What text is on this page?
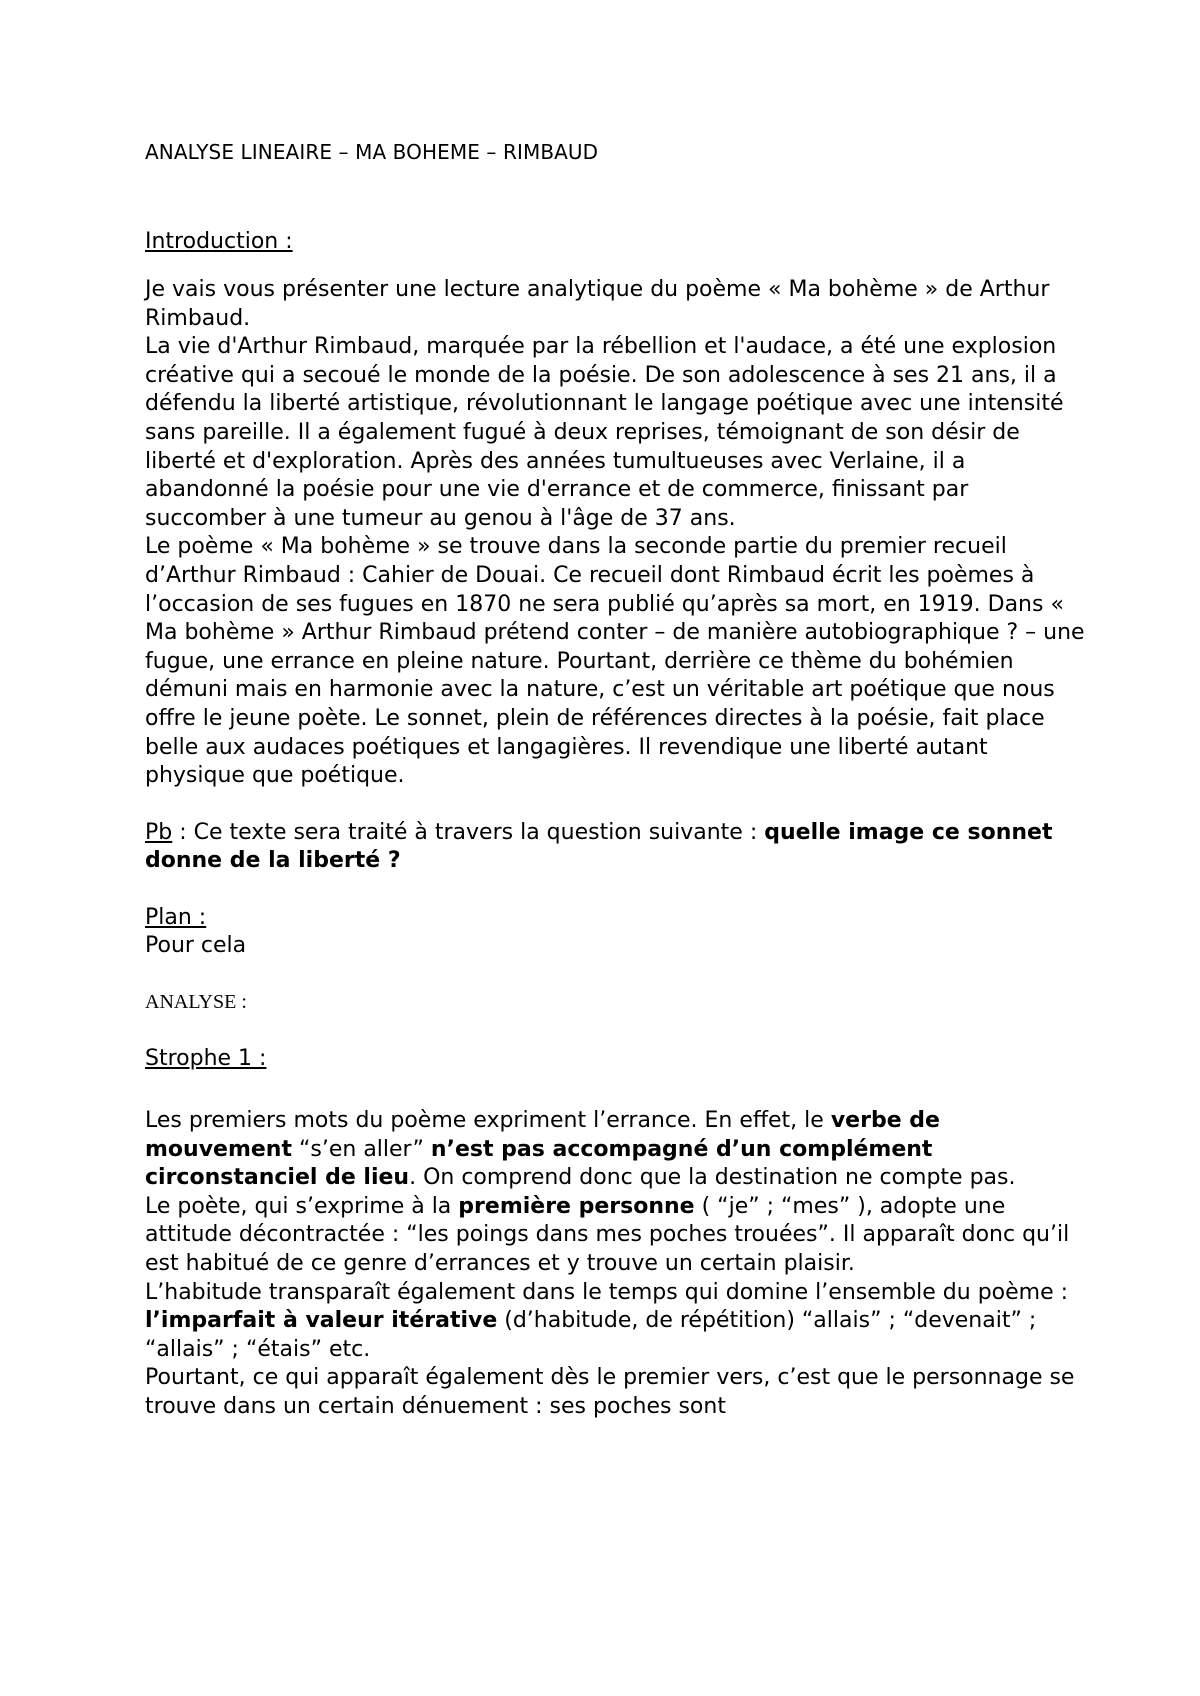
ANALYSE LINEAIRE – MA BOHEME – RIMBAUD

Introduction :

Je vais vous présenter une lecture analytique du poème « Ma bohème » de Arthur Rimbaud.

La vie d'Arthur Rimbaud, marquée par la rébellion et l'audace, a été une explosion créative qui a secoué le monde de la poésie. De son adolescence à ses 21 ans, il a défendu la liberté artistique, révolutionnant le langage poétique avec une intensité sans pareille. Il a également fugué à deux reprises, témoignant de son désir de liberté et d'exploration. Après des années tumultueuses avec Verlaine, il a abandonné la poésie pour une vie d'errance et de commerce, finissant par succomber à une tumeur au genou à l'âge de 37 ans.

Le poème « Ma bohème » se trouve dans la seconde partie du premier recueil d’Arthur Rimbaud : Cahier de Douai. Ce recueil dont Rimbaud écrit les poèmes à l’occasion de ses fugues en 1870 ne sera publié qu’après sa mort, en 1919. Dans « Ma bohème » Arthur Rimbaud prétend conter – de manière autobiographique ? – une fugue, une errance en pleine nature. Pourtant, derrière ce thème du bohémien démuni mais en harmonie avec la nature, c’est un véritable art poétique que nous offre le jeune poète. Le sonnet, plein de références directes à la poésie, fait place belle aux audaces poétiques et langagières. Il revendique une liberté autant physique que poétique.

Pb : Ce texte sera traité à travers la question suivante : quelle image ce sonnet donne de la liberté ?

Plan :
Pour cela
ANALYSE :
Strophe 1 :

Les premiers mots du poème expriment l’errance. En effet, le verbe de mouvement “s’en aller” n’est pas accompagné d’un complément circonstanciel de lieu. On comprend donc que la destination ne compte pas.

Le poète, qui s’exprime à la première personne ( “je” ; “mes” ), adopte une attitude décontractée : “les poings dans mes poches trouées”. Il apparaît donc qu’il est habitué de ce genre d’errances et y trouve un certain plaisir.

L’habitude transparaît également dans le temps qui domine l’ensemble du poème : l’imparfait à valeur itérative (d’habitude, de répétition) “allais” ; “devenait” ; “allais” ; “étais” etc.

Pourtant, ce qui apparaît également dès le premier vers, c’est que le personnage se trouve dans un certain dénuement : ses poches sont
